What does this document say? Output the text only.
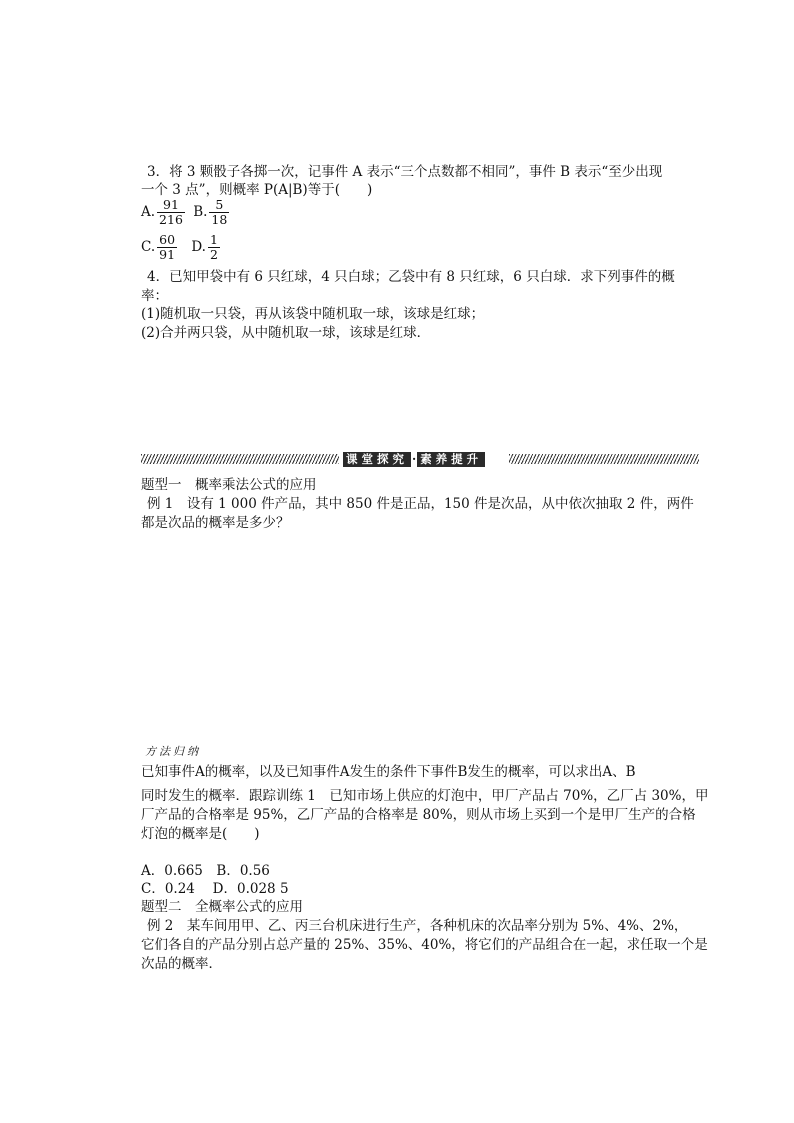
3．将 3 颗骰子各掷一次，记事件 A 表示“三个点数都不相同”，事件 B 表示“至少出现
一个 3 点”，则概率 P(A|B)等于(　　)
A. $\frac{91}{216} B$. $\frac{5}{18}$
C. $\frac{60}{91} D$. $\frac{1}{2}$
4．已知甲袋中有 6 只红球，4 只白球；乙袋中有 8 只红球，6 只白球．求下列事件的概
率：
(1)随机取一只袋，再从该袋中随机取一球，该球是红球；
(2)合并两只袋，从中随机取一球，该球是红球．
课堂探究 · 素养提升
题型一　概率乘法公式的应用
例 1　设有 1 000 件产品，其中 850 件是正品，150 件是次品，从中依次抽取 2 件，两件
都是次品的概率是多少？
方法归纳
已知事件A的概率，以及已知事件A发生的条件下事件B发生的概率，可以求出A、B
同时发生的概率．跟踪训练 1　已知市场上供应的灯泡中，甲厂产品占 70%，乙厂占 30%，甲
厂产品的合格率是 95%，乙厂产品的合格率是 80%，则从市场上买到一个是甲厂生产的合格
灯泡的概率是(　　)
A．0.665　B．0.56
C．0.24　 D．0.028 5
题型二　全概率公式的应用
例 2　某车间用甲、乙、丙三台机床进行生产，各种机床的次品率分别为 5%、4%、2%，
它们各自的产品分别占总产量的 25%、35%、40%，将它们的产品组合在一起，求任取一个是
次品的概率．
